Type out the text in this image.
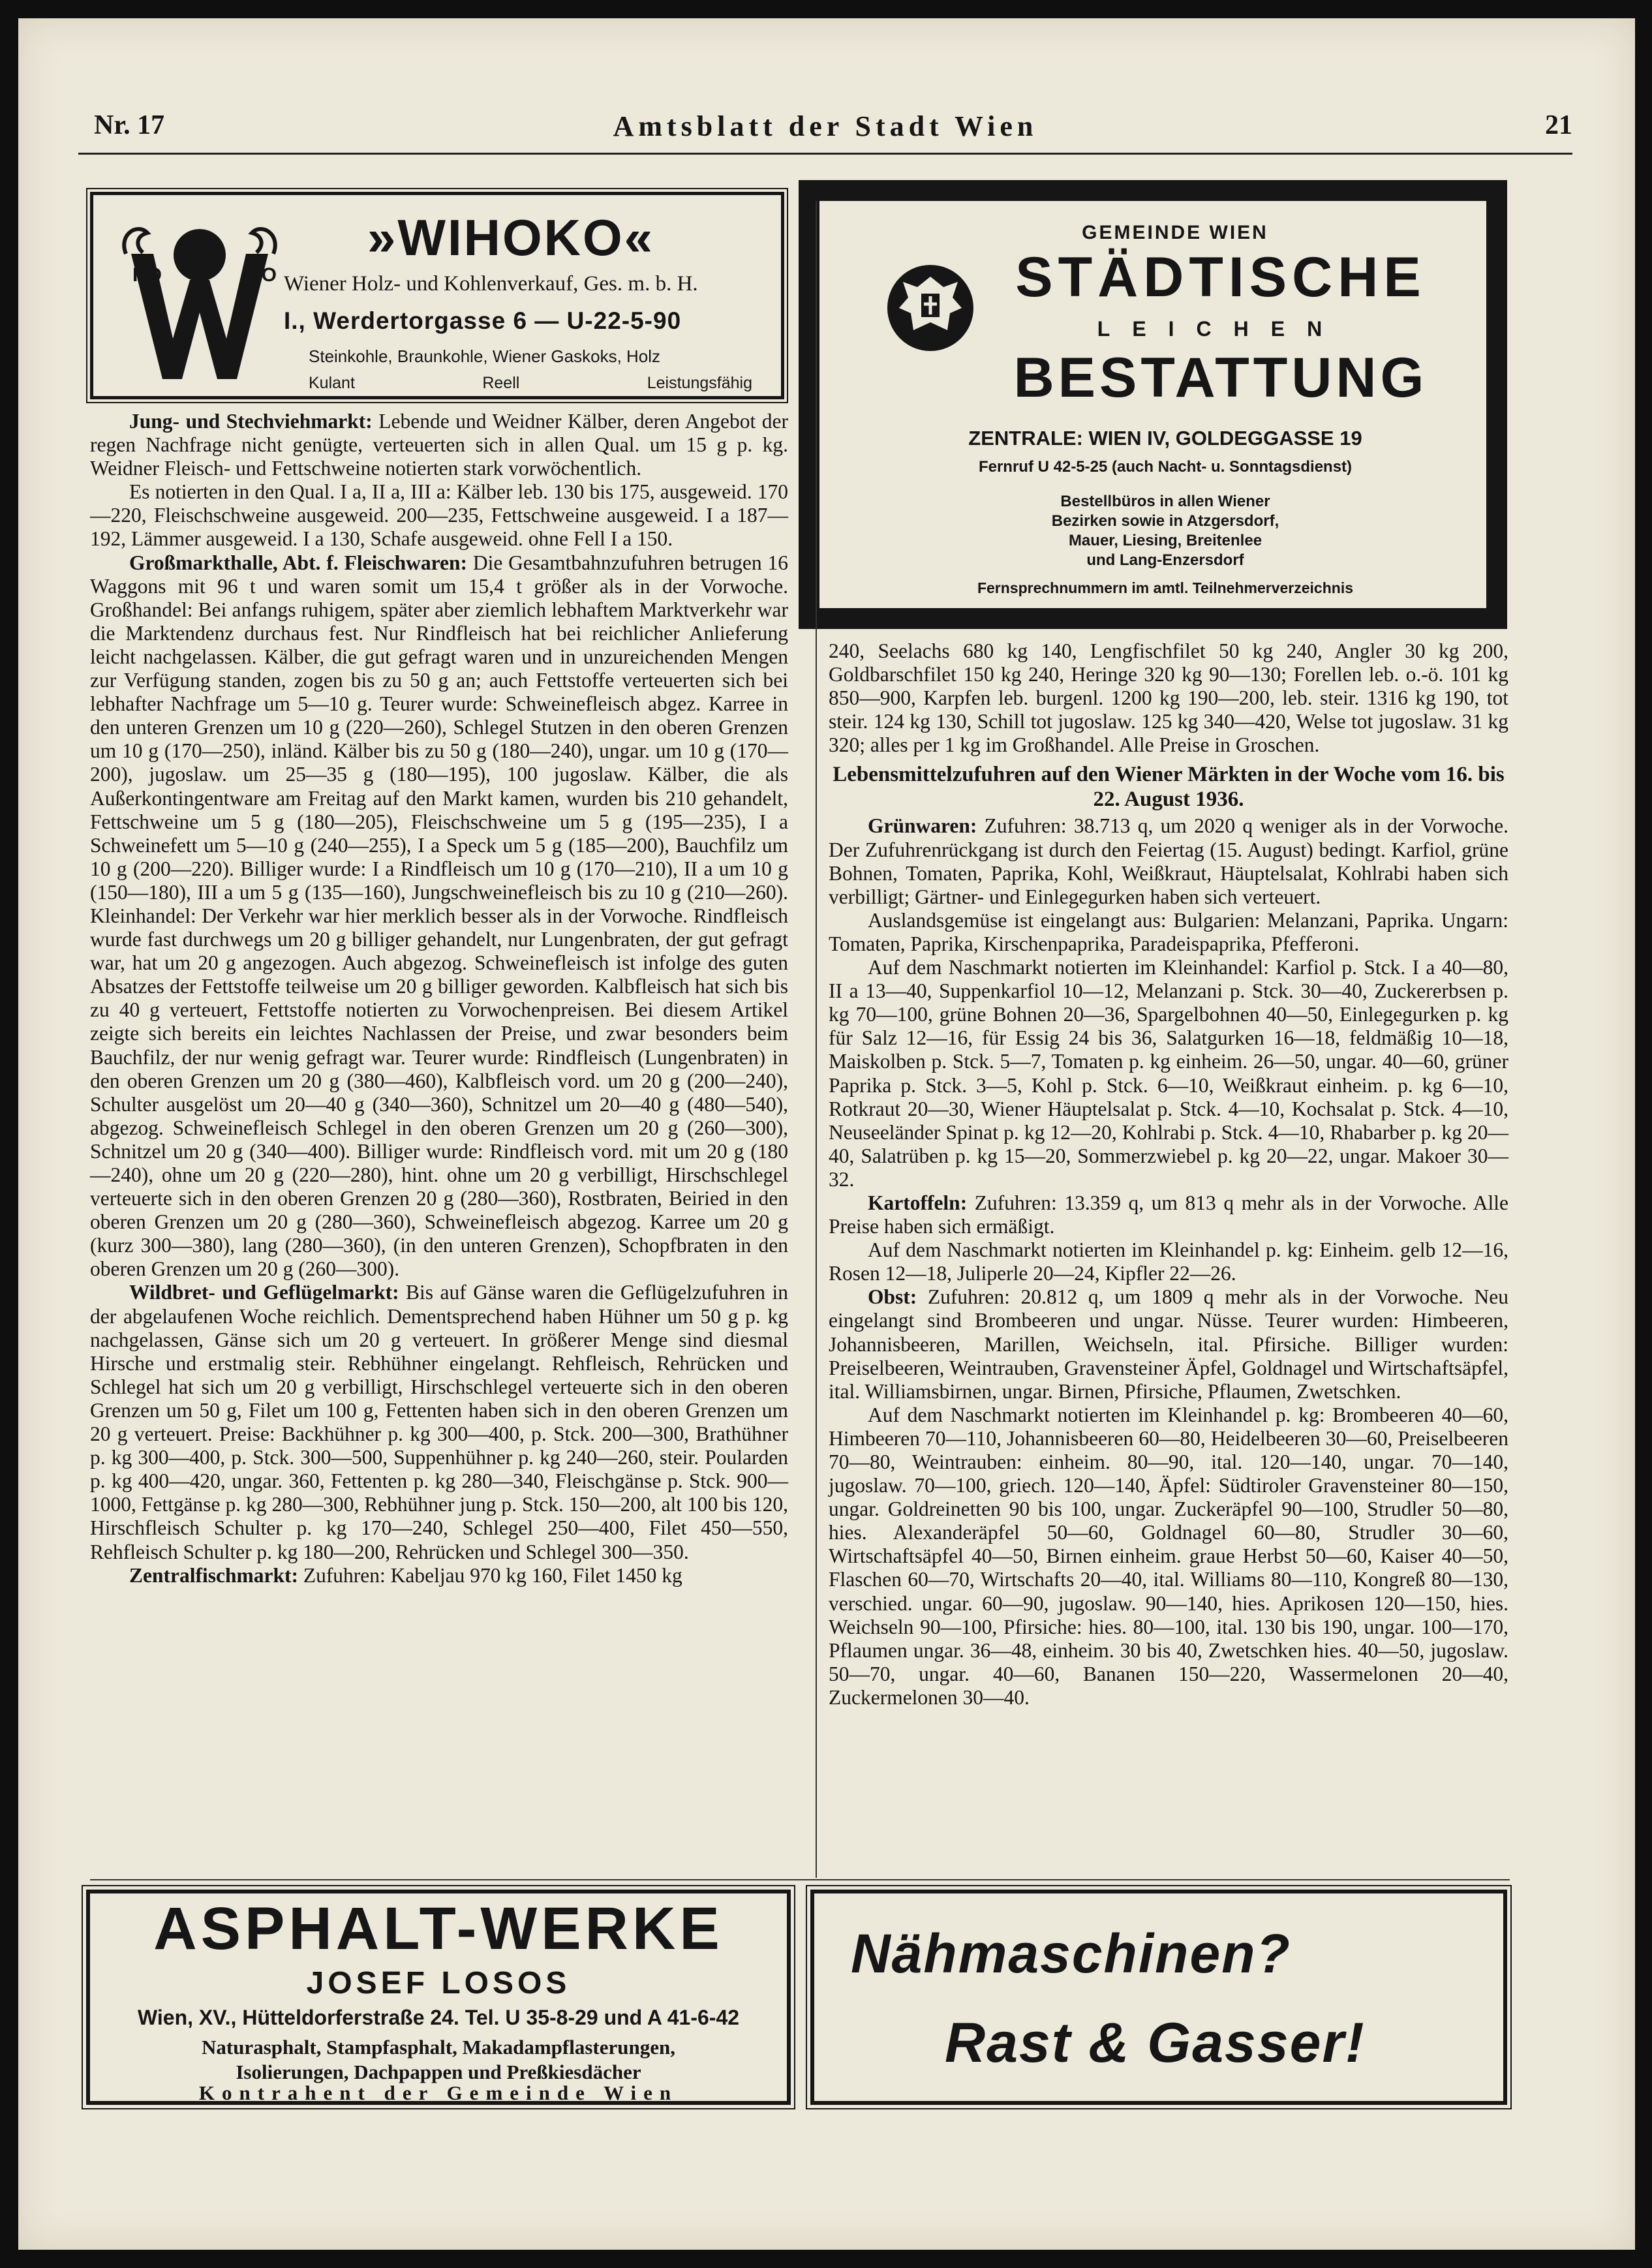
Nr. 17	Amtsblatt der Stadt Wien	21
HO	KO
»WIHOKO«
Wiener Holz- und Kohlenverkauf, Ges. m. b. H.
I., Werdertorgasse 6 — U-22-5-90
Steinkohle, Braunkohle, Wiener Gaskoks, Holz
Kulant	Reell	Leistungsfähig
GEMEINDE WIEN
STÄDTISCHE
LEICHEN
BESTATTUNG
ZENTRALE: WIEN IV, GOLDEGGASSE 19
Fernruf U 42-5-25 (auch Nacht- u. Sonntagsdienst)
Bestellbüros in allen Wiener
Bezirken sowie in Atzgersdorf,
Mauer, Liesing, Breitenlee
und Lang-Enzersdorf
Fernsprechnummern im amtl. Teilnehmerverzeichnis

Jung- und Stechviehmarkt: Lebende und Weidner Kälber, deren Angebot der regen Nachfrage nicht genügte, verteuerten sich in allen Qual. um 15 g p. kg. Weidner Fleisch- und Fettschweine notierten stark vorwöchentlich.

Es notierten in den Qual. I a, II a, III a: Kälber leb. 130 bis 175, ausgeweid. 170—220, Fleischschweine ausgeweid. 200—235, Fettschweine ausgeweid. I a 187—192, Lämmer ausgeweid. I a 130, Schafe ausgeweid. ohne Fell I a 150.

Großmarkthalle, Abt. f. Fleischwaren: Die Gesamtbahnzufuhren betrugen 16 Waggons mit 96 t und waren somit um 15,4 t größer als in der Vorwoche. Großhandel: Bei anfangs ruhigem, später aber ziemlich lebhaftem Marktverkehr war die Marktendenz durchaus fest. Nur Rindfleisch hat bei reichlicher Anlieferung leicht nachgelassen. Kälber, die gut gefragt waren und in unzureichenden Mengen zur Verfügung standen, zogen bis zu 50 g an; auch Fettstoffe verteuerten sich bei lebhafter Nachfrage um 5—10 g. Teurer wurde: Schweinefleisch abgez. Karree in den unteren Grenzen um 10 g (220—260), Schlegel Stutzen in den oberen Grenzen um 10 g (170—250), inländ. Kälber bis zu 50 g (180—240), ungar. um 10 g (170—200), jugoslaw. um 25—35 g (180—195), 100 jugoslaw. Kälber, die als Außerkontingentware am Freitag auf den Markt kamen, wurden bis 210 gehandelt, Fettschweine um 5 g (180—205), Fleischschweine um 5 g (195—235), I a Schweinefett um 5—10 g (240—255), I a Speck um 5 g (185—200), Bauchfilz um 10 g (200—220). Billiger wurde: I a Rindfleisch um 10 g (170—210), II a um 10 g (150—180), III a um 5 g (135—160), Jungschweinefleisch bis zu 10 g (210—260). Kleinhandel: Der Verkehr war hier merklich besser als in der Vorwoche. Rindfleisch wurde fast durchwegs um 20 g billiger gehandelt, nur Lungenbraten, der gut gefragt war, hat um 20 g angezogen. Auch abgezog. Schweinefleisch ist infolge des guten Absatzes der Fettstoffe teilweise um 20 g billiger geworden. Kalbfleisch hat sich bis zu 40 g verteuert, Fettstoffe notierten zu Vorwochenpreisen. Bei diesem Artikel zeigte sich bereits ein leichtes Nachlassen der Preise, und zwar besonders beim Bauchfilz, der nur wenig gefragt war. Teurer wurde: Rindfleisch (Lungenbraten) in den oberen Grenzen um 20 g (380—460), Kalbfleisch vord. um 20 g (200—240), Schulter ausgelöst um 20—40 g (340—360), Schnitzel um 20—40 g (480—540), abgezog. Schweinefleisch Schlegel in den oberen Grenzen um 20 g (260—300), Schnitzel um 20 g (340—400). Billiger wurde: Rindfleisch vord. mit um 20 g (180—240), ohne um 20 g (220—280), hint. ohne um 20 g verbilligt, Hirschschlegel verteuerte sich in den oberen Grenzen 20 g (280—360), Rostbraten, Beiried in den oberen Grenzen um 20 g (280—360), Schweinefleisch abgezog. Karree um 20 g (kurz 300—380), lang (280—360), (in den unteren Grenzen), Schopfbraten in den oberen Grenzen um 20 g (260—300).

Wildbret- und Geflügelmarkt: Bis auf Gänse waren die Geflügelzufuhren in der abgelaufenen Woche reichlich. Dementsprechend haben Hühner um 50 g p. kg nachgelassen, Gänse sich um 20 g verteuert. In größerer Menge sind diesmal Hirsche und erstmalig steir. Rebhühner eingelangt. Rehfleisch, Rehrücken und Schlegel hat sich um 20 g verbilligt, Hirschschlegel verteuerte sich in den oberen Grenzen um 50 g, Filet um 100 g, Fettenten haben sich in den oberen Grenzen um 20 g verteuert. Preise: Backhühner p. kg 300—400, p. Stck. 200—300, Brathühner p. kg 300—400, p. Stck. 300—500, Suppenhühner p. kg 240—260, steir. Poularden p. kg 400—420, ungar. 360, Fettenten p. kg 280—340, Fleischgänse p. Stck. 900—1000, Fettgänse p. kg 280—300, Rebhühner jung p. Stck. 150—200, alt 100 bis 120, Hirschfleisch Schulter p. kg 170—240, Schlegel 250—400, Filet 450—550, Rehfleisch Schulter p. kg 180—200, Rehrücken und Schlegel 300—350.

Zentralfischmarkt: Zufuhren: Kabeljau 970 kg 160, Filet 1450 kg

240, Seelachs 680 kg 140, Lengfischfilet 50 kg 240, Angler 30 kg 200, Goldbarschfilet 150 kg 240, Heringe 320 kg 90—130; Forellen leb. o.-ö. 101 kg 850—900, Karpfen leb. burgenl. 1200 kg 190—200, leb. steir. 1316 kg 190, tot steir. 124 kg 130, Schill tot jugoslaw. 125 kg 340—420, Welse tot jugoslaw. 31 kg 320; alles per 1 kg im Großhandel. Alle Preise in Groschen.

Lebensmittelzufuhren auf den Wiener Märkten in der Woche vom 16. bis 22. August 1936.

Grünwaren: Zufuhren: 38.713 q, um 2020 q weniger als in der Vorwoche. Der Zufuhrenrückgang ist durch den Feiertag (15. August) bedingt. Karfiol, grüne Bohnen, Tomaten, Paprika, Kohl, Weißkraut, Häuptelsalat, Kohlrabi haben sich verbilligt; Gärtner- und Einlegegurken haben sich verteuert.

Auslandsgemüse ist eingelangt aus: Bulgarien: Melanzani, Paprika. Ungarn: Tomaten, Paprika, Kirschenpaprika, Paradeispaprika, Pfefferoni.

Auf dem Naschmarkt notierten im Kleinhandel: Karfiol p. Stck. I a 40—80, II a 13—40, Suppenkarfiol 10—12, Melanzani p. Stck. 30—40, Zuckererbsen p. kg 70—100, grüne Bohnen 20—36, Spargelbohnen 40—50, Einlegegurken p. kg für Salz 12—16, für Essig 24 bis 36, Salatgurken 16—18, feldmäßig 10—18, Maiskolben p. Stck. 5—7, Tomaten p. kg einheim. 26—50, ungar. 40—60, grüner Paprika p. Stck. 3—5, Kohl p. Stck. 6—10, Weißkraut einheim. p. kg 6—10, Rotkraut 20—30, Wiener Häuptelsalat p. Stck. 4—10, Kochsalat p. Stck. 4—10, Neuseeländer Spinat p. kg 12—20, Kohlrabi p. Stck. 4—10, Rhabarber p. kg 20—40, Salatrüben p. kg 15—20, Sommerzwiebel p. kg 20—22, ungar. Makoer 30—32.

Kartoffeln: Zufuhren: 13.359 q, um 813 q mehr als in der Vorwoche. Alle Preise haben sich ermäßigt.

Auf dem Naschmarkt notierten im Kleinhandel p. kg: Einheim. gelb 12—16, Rosen 12—18, Juliperle 20—24, Kipfler 22—26.

Obst: Zufuhren: 20.812 q, um 1809 q mehr als in der Vorwoche. Neu eingelangt sind Brombeeren und ungar. Nüsse. Teurer wurden: Himbeeren, Johannisbeeren, Marillen, Weichseln, ital. Pfirsiche. Billiger wurden: Preiselbeeren, Weintrauben, Gravensteiner Äpfel, Goldnagel und Wirtschaftsäpfel, ital. Williamsbirnen, ungar. Birnen, Pfirsiche, Pflaumen, Zwetschken.

Auf dem Naschmarkt notierten im Kleinhandel p. kg: Brombeeren 40—60, Himbeeren 70—110, Johannisbeeren 60—80, Heidelbeeren 30—60, Preiselbeeren 70—80, Weintrauben: einheim. 80—90, ital. 120—140, ungar. 70—140, jugoslaw. 70—100, griech. 120—140, Äpfel: Südtiroler Gravensteiner 80—150, ungar. Goldreinetten 90 bis 100, ungar. Zuckeräpfel 90—100, Strudler 50—80, hies. Alexanderäpfel 50—60, Goldnagel 60—80, Strudler 30—60, Wirtschaftsäpfel 40—50, Birnen einheim. graue Herbst 50—60, Kaiser 40—50, Flaschen 60—70, Wirtschafts 20—40, ital. Williams 80—110, Kongreß 80—130, verschied. ungar. 60—90, jugoslaw. 90—140, hies. Aprikosen 120—150, hies. Weichseln 90—100, Pfirsiche: hies. 80—100, ital. 130 bis 190, ungar. 100—170, Pflaumen ungar. 36—48, einheim. 30 bis 40, Zwetschken hies. 40—50, jugoslaw. 50—70, ungar. 40—60, Bananen 150—220, Wassermelonen 20—40, Zuckermelonen 30—40.

ASPHALT-WERKE
JOSEF LOSOS
Wien, XV., Hütteldorferstraße 24. Tel. U 35-8-29 und A 41-6-42
Naturasphalt, Stampfasphalt, Makadampflasterungen,
Isolierungen, Dachpappen und Preßkiesdächer
Kontrahent der Gemeinde Wien
Nähmaschinen?
Rast & Gasser!
